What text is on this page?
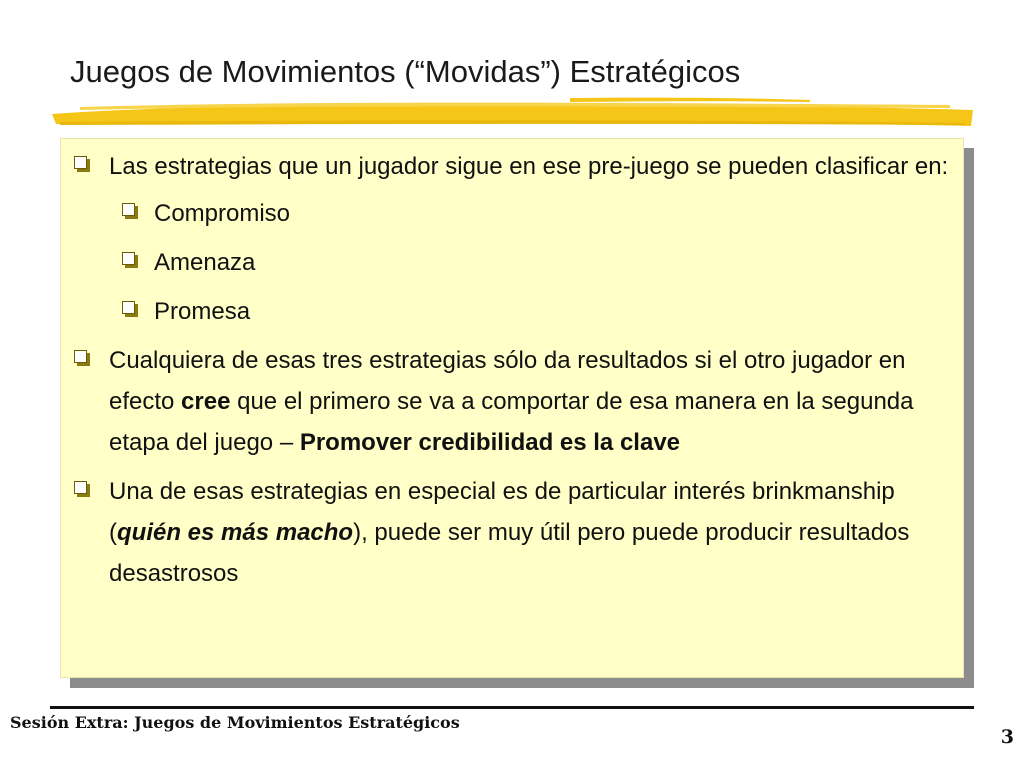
Juegos de Movimientos (“Movidas”) Estratégicos
Las estrategias que un jugador sigue en ese pre-juego se pueden clasificar en:
Compromiso
Amenaza
Promesa
Cualquiera de esas tres estrategias sólo da resultados si el otro jugador en efecto cree que el primero se va a comportar de esa manera en la segunda etapa del juego – Promover credibilidad es la clave
Una de esas estrategias en especial es de particular interés brinkmanship (quién es más macho), puede ser muy útil pero puede producir resultados desastrosos
Sesión Extra: Juegos de Movimientos Estratégicos
3
